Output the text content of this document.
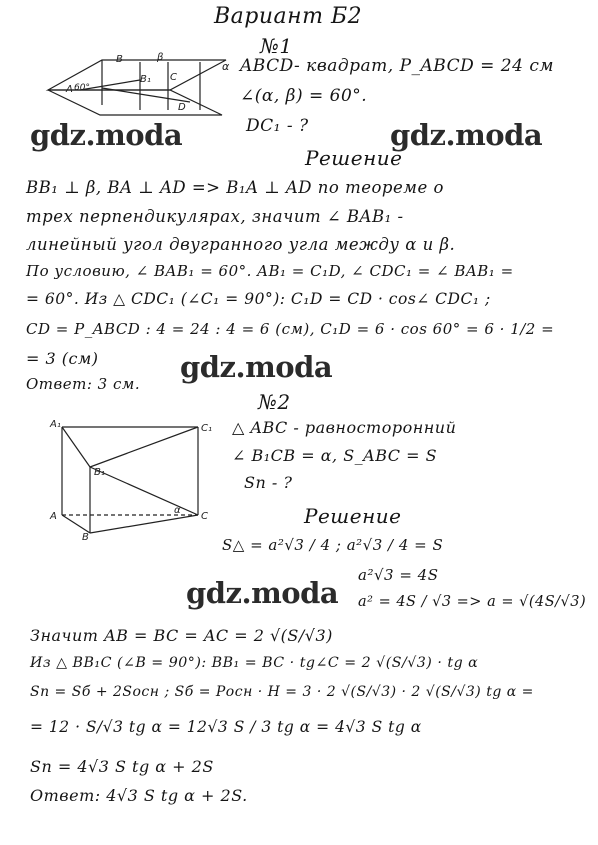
Вариант Б2
№1
A 60°
B
B₁ C
D
β
α ABCD- квадрат, P_ABCD = 24 см
∠(α, β) = 60°.
DC₁ - ?
gdz.moda	gdz.moda
Решение
BB₁ ⊥ β, BA ⊥ AD => B₁A ⊥ AD по теореме о
трех перпендикулярах, значит ∠ BAB₁ -
линейный угол двугранного угла между α и β.
По условию, ∠ BAB₁ = 60°. AB₁ = C₁D, ∠ CDC₁ = ∠ BAB₁ =
= 60°. Из △ CDC₁ (∠C₁ = 90°): C₁D = CD · cos∠ CDC₁ ;
CD = P_ABCD : 4 = 24 : 4 = 6 (см), C₁D = 6 · cos 60° = 6 · 1/2 =
= 3 (см)	gdz.moda
Ответ: 3 см.
№2
A₁	C₁
B₁
A
B
C
α
△ ABC - равносторонний
∠ B₁CB = α, S_ABC = S
Sп - ?
Решение
S△ = a²√3 / 4 ; a²√3 / 4 = S
a²√3 = 4S
a² = 4S / √3 => a = √(4S/√3)
gdz.moda
Значит AB = BC = AC = 2 √(S/√3)
Из △ BB₁C (∠B = 90°): BB₁ = BC · tg∠C = 2 √(S/√3) · tg α
Sп = Sб + 2Sосн ; Sб = Pосн · H = 3 · 2 √(S/√3) · 2 √(S/√3) tg α =
= 12 · S/√3 tg α = 12√3 S / 3 tg α = 4√3 S tg α
Sп = 4√3 S tg α + 2S
Ответ: 4√3 S tg α + 2S.
